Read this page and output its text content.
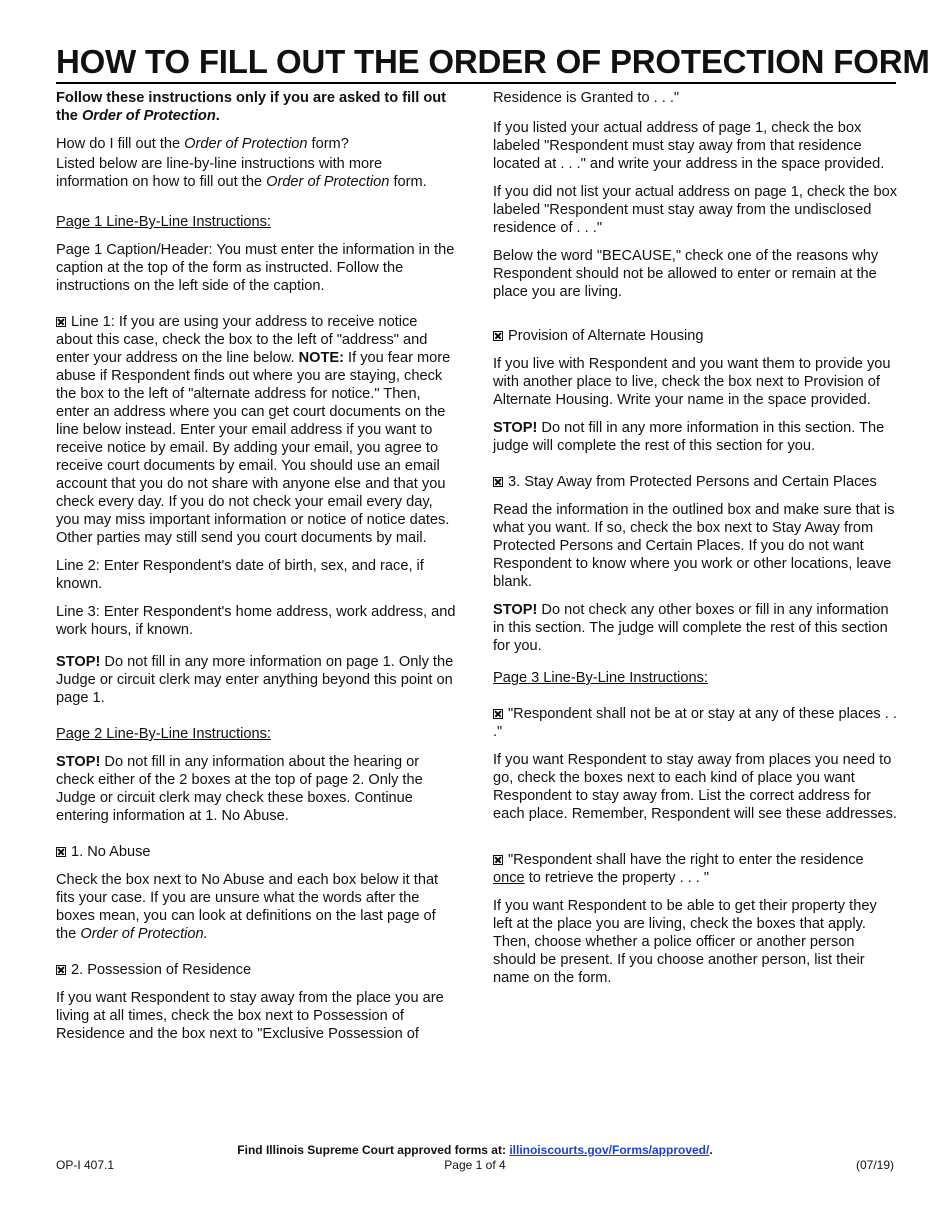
HOW TO FILL OUT THE ORDER OF PROTECTION FORM

Follow these instructions only if you are asked to fill out the Order of Protection.

How do I fill out the Order of Protection form?

Listed below are line-by-line instructions with more information on how to fill out the Order of Protection form.

Page 1 Line-By-Line Instructions:

Page 1 Caption/Header: You must enter the information in the caption at the top of the form as instructed. Follow the instructions on the left side of the caption.

Line 1: If you are using your address to receive notice about this case, check the box to the left of "address" and enter your address on the line below. NOTE: If you fear more abuse if Respondent finds out where you are staying, check the box to the left of "alternate address for notice." Then, enter an address where you can get court documents on the line below instead. Enter your email address if you want to receive notice by email. By adding your email, you agree to receive court documents by email. You should use an email account that you do not share with anyone else and that you check every day. If you do not check your email every day, you may miss important information or notice of notice dates. Other parties may still send you court documents by mail.

Line 2: Enter Respondent's date of birth, sex, and race, if known.

Line 3: Enter Respondent's home address, work address, and work hours, if known.

STOP! Do not fill in any more information on page 1. Only the Judge or circuit clerk may enter anything beyond this point on page 1.

Page 2 Line-By-Line Instructions:

STOP! Do not fill in any information about the hearing or check either of the 2 boxes at the top of page 2. Only the Judge or circuit clerk may check these boxes. Continue entering information at 1. No Abuse.

1. No Abuse

Check the box next to No Abuse and each box below it that fits your case. If you are unsure what the words after the boxes mean, you can look at definitions on the last page of the Order of Protection.

2. Possession of Residence

If you want Respondent to stay away from the place you are living at all times, check the box next to Possession of Residence and the box next to "Exclusive Possession of

Residence is Granted to . . ."

If you listed your actual address of page 1, check the box labeled "Respondent must stay away from that residence located at . . ." and write your address in the space provided.

If you did not list your actual address on page 1, check the box labeled "Respondent must stay away from the undisclosed residence of . . ."

Below the word "BECAUSE," check one of the reasons why Respondent should not be allowed to enter or remain at the place you are living.

Provision of Alternate Housing

If you live with Respondent and you want them to provide you with another place to live, check the box next to Provision of Alternate Housing. Write your name in the space provided.

STOP! Do not fill in any more information in this section. The judge will complete the rest of this section for you.

3. Stay Away from Protected Persons and Certain Places

Read the information in the outlined box and make sure that is what you want. If so, check the box next to Stay Away from Protected Persons and Certain Places. If you do not want Respondent to know where you work or other locations, leave blank.

STOP! Do not check any other boxes or fill in any information in this section. The judge will complete the rest of this section for you.

Page 3 Line-By-Line Instructions:

"Respondent shall not be at or stay at any of these places . . ."

If you want Respondent to stay away from places you need to go, check the boxes next to each kind of place you want Respondent to stay away from. List the correct address for each place. Remember, Respondent will see these addresses.

"Respondent shall have the right to enter the residence once to retrieve the property . . . "

If you want Respondent to be able to get their property they left at the place you are living, check the boxes that apply. Then, choose whether a police officer or another person should be present. If you choose another person, list their name on the form.

Find Illinois Supreme Court approved forms at: illinoiscourts.gov/Forms/approved/.
OP-I 407.1	Page 1 of 4	(07/19)
